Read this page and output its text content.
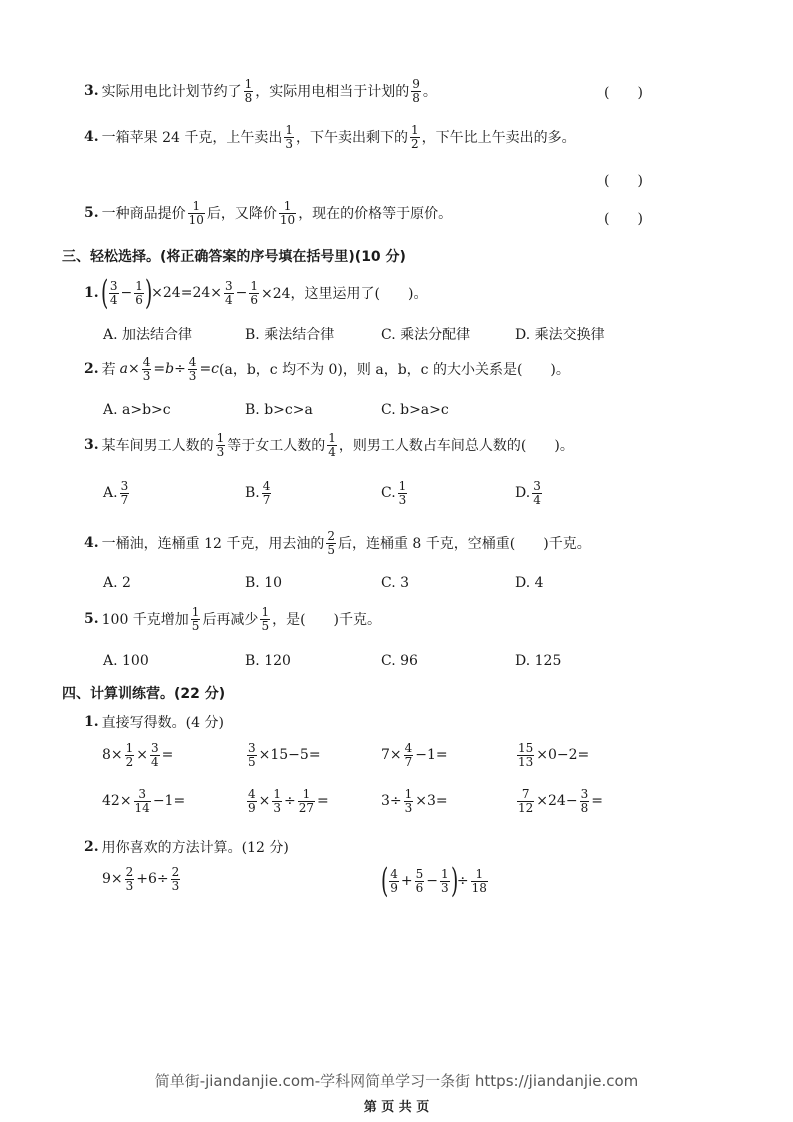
3. 实际用电比计划节约了 $\frac{1}{8}$ ，实际用电相当于计划的 $\frac{9}{8}$ 。	(　　)
4. 一箱苹果 24 千克，上午卖出 $\frac{1}{3}$ ，下午卖出剩下的 $\frac{1}{2}$ ，下午比上午卖出的多。
(　　)
5. 一种商品提价 $\frac{1}{10}$ 后，又降价 $\frac{1}{10}$ ，现在的价格等于原价。	(　　)
三、轻松选择。(将正确答案的序号填在括号里)(10 分)
1. ( $\frac{3}{4} - \frac{1}{6}$ )
$\times 24=24\times \frac{3}{4} - \frac{1}{6} \times 24$，这里运用了(　　)。
A. 加法结合律	B. 乘法结合律	C. 乘法分配律	D. 乘法交换律
2. 若 $a \times \frac{4}{3} = b \div \frac{4}{3} = c$ (a，b，c 均不为 0)，则 a，b，c 的大小关系是(　　)。
A. a>b>c	B. b>c>a	C. b>a>c
3. 某车间男工人数的 $\frac{1}{3}$ 等于女工人数的 $\frac{1}{4}$ ，则男工人数占车间总人数的(　　)。
A. $\frac{3}{7}$	B. $\frac{4}{7}$	C. $\frac{1}{3}$	D. $\frac{3}{4}$
4. 一桶油，连桶重 12 千克，用去油的 $\frac{2}{5}$ 后，连桶重 8 千克，空桶重(　　)千克。
A. 2	B. 10	C. 3	D. 4
5. 100 千克增加 $\frac{1}{5}$ 后再减少 $\frac{1}{5}$ ，是(　　)千克。
A. 100	B. 120	C. 96	D. 125
四、计算训练营。(22 分)
1. 直接写得数。(4 分)
$8\times \frac{1}{2} \times \frac{3}{4}$ =	$\frac{3}{5} \times 15-5=$	$7\times \frac{4}{7} -1=$	$\frac{15}{13} \times 0-2=$
$42\times \frac{3}{14} -1=$	$\frac{4}{9} \times \frac{1}{3} \div \frac{1}{27}$ =	$3\div \frac{1}{3} \times 3=$	$\frac{7}{12} \times 24- \frac{3}{8}$ =
2. 用你喜欢的方法计算。(12 分)
$9\times \frac{2}{3} +6\div \frac{2}{3}$	( $\frac{4}{9} + \frac{5}{6} - \frac{1}{3}$ )
÷ $\frac{1}{18}$
简单街-jiandanjie.com-学科网简单学习一条街 https://jiandanjie.com
第 页 共 页
